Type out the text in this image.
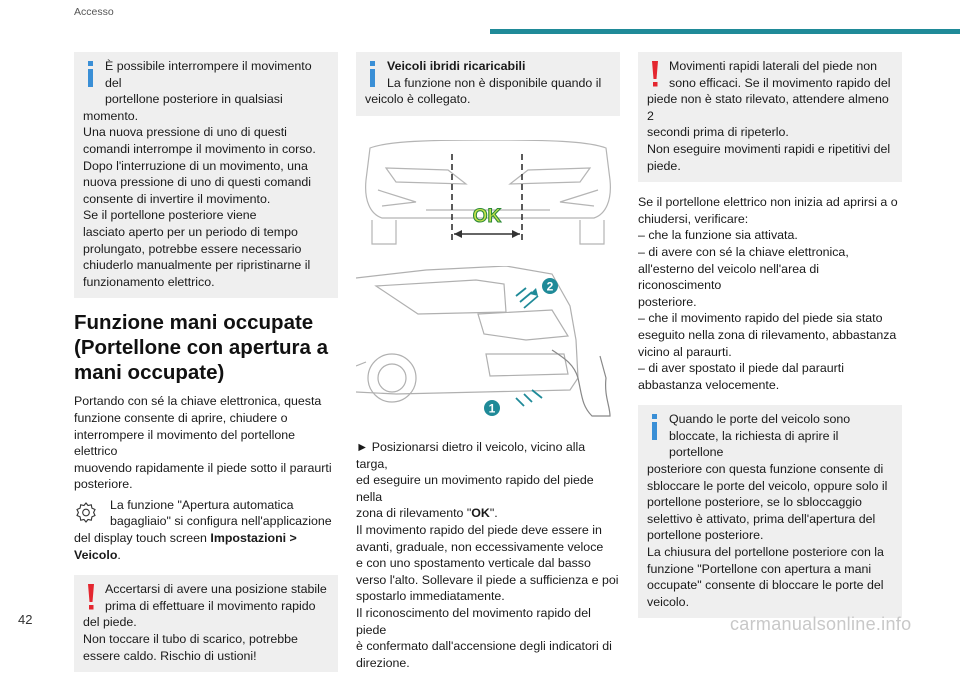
Accesso
È possibile interrompere il movimento del
portellone posteriore in qualsiasi
momento.
Una nuova pressione di uno di questi
comandi interrompe il movimento in corso.
Dopo l'interruzione di un movimento, una
nuova pressione di uno di questi comandi
consente di invertire il movimento.
Se il portellone posteriore viene
lasciato aperto per un periodo di tempo
prolungato, potrebbe essere necessario
chiuderlo manualmente per ripristinarne il
funzionamento elettrico.
Funzione mani occupate
(Portellone con apertura a
mani occupate)
Portando con sé la chiave elettronica, questa
funzione consente di aprire, chiudere o
interrompere il movimento del portellone elettrico
muovendo rapidamente il piede sotto il paraurti
posteriore.
La funzione "Apertura automatica
bagagliaio" si configura nell'applicazione
del display touch screen Impostazioni >
Veicolo.
Accertarsi di avere una posizione stabile
prima di effettuare il movimento rapido
del piede.
Non toccare il tubo di scarico, potrebbe
essere caldo. Rischio di ustioni!
Veicoli ibridi ricaricabili
La funzione non è disponibile quando il
veicolo è collegato.
OK

2
1
► Posizionarsi dietro il veicolo, vicino alla targa,
ed eseguire un movimento rapido del piede nella
zona di rilevamento "OK".
Il movimento rapido del piede deve essere in
avanti, graduale, non eccessivamente veloce
e con uno spostamento verticale dal basso
verso l'alto. Sollevare il piede a sufficienza e poi
spostarlo immediatamente.
Il riconoscimento del movimento rapido del piede
è confermato dall'accensione degli indicatori di
direzione.
Movimenti rapidi laterali del piede non
sono efficaci. Se il movimento rapido del
piede non è stato rilevato, attendere almeno 2
secondi prima di ripeterlo.
Non eseguire movimenti rapidi e ripetitivi del
piede.
Se il portellone elettrico non inizia ad aprirsi a o
chiudersi, verificare:
– che la funzione sia attivata.
– di avere con sé la chiave elettronica,
all'esterno del veicolo nell'area di riconoscimento
posteriore.
– che il movimento rapido del piede sia stato
eseguito nella zona di rilevamento, abbastanza
vicino al paraurti.
– di aver spostato il piede dal paraurti
abbastanza velocemente.
Quando le porte del veicolo sono
bloccate, la richiesta di aprire il portellone
posteriore con questa funzione consente di
sbloccare le porte del veicolo, oppure solo il
portellone posteriore, se lo sbloccaggio
selettivo è attivato, prima dell'apertura del
portellone posteriore.
La chiusura del portellone posteriore con la
funzione "Portellone con apertura a mani
occupate" consente di bloccare le porte del
veicolo.
42	carmanualsonline.info
